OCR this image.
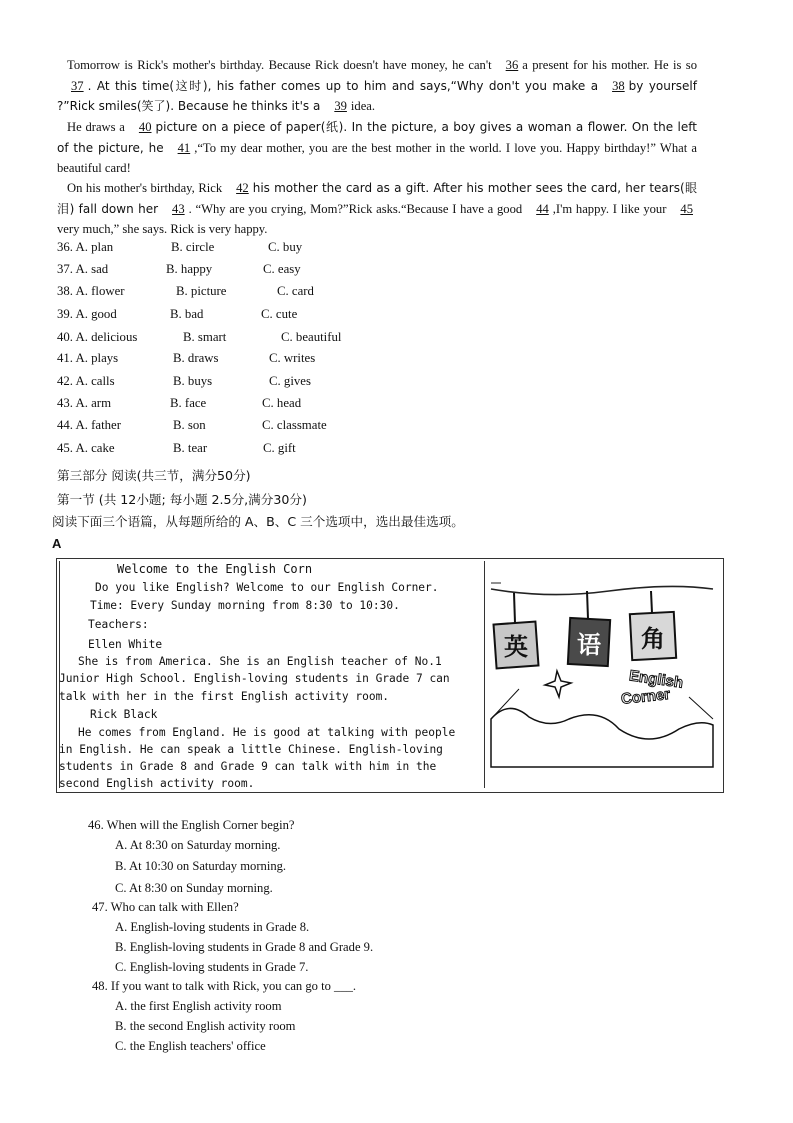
Tomorrow is Rick's mother's birthday. Because Rick doesn't have money, he can't 36 a present for his mother. He is so37 . At this time(这时), his father comes up to him and says,“Why don't you make a 38 by yourself ?”Rick smiles(笑了). Because he thinks it's a 39 idea.

He draws a 40 picture on a piece of paper(纸). In the picture, a boy gives a woman a flower. On the left of the picture, he 41 ,“To my dear mother, you are the best mother in the world. I love you. Happy birthday!” What a beautiful card!

On his mother's birthday, Rick 42 his mother the card as a gift. After his mother sees the card, her tears(眼泪) fall down her 43 . “Why are you crying, Mom?”Rick asks.“Because I have a good 44 ,I'm happy. I like your 45very much,” she says. Rick is very happy.

36. A. plan	B. circle	C. buy
37. A. sad	B. happy	C. easy
38. A. flower	B. picture	C. card
39. A. good	B. bad	C. cute
40. A. delicious	B. smart	C. beautiful
41. A. plays	B. draws	C. writes
42. A. calls	B. buys	C. gives
43. A. arm	B. face	C. head
44. A. father	B. son	C. classmate
45. A. cake	B. tear	C. gift
第三部分 阅读(共三节，满分50分)
第一节 (共 12小题; 每小题 2.5分,满分30分)
阅读下面三个语篇，从每题所给的 A、B、C 三个选项中，选出最佳选项。
A
Welcome to the English Corn
Do you like English? Welcome to our English Corner.
Time: Every Sunday morning from 8:30 to 10:30.
Teachers:
Ellen White
She is from America. She is an English teacher of No.1
Junior High School. English-loving students in Grade 7 can
talk with her in the first English activity room.
Rick Black
He comes from England. He is good at talking with people
in English. He can speak a little Chinese. English-loving
students in Grade 8 and Grade 9 can talk with him in the
second English activity room.
英 语 角
English
Corner
46. When will the English Corner begin?
A. At 8:30 on Saturday morning.
B. At 10:30 on Saturday morning.
C. At 8:30 on Sunday morning.
47. Who can talk with Ellen?
A. English-loving students in Grade 8.
B. English-loving students in Grade 8 and Grade 9.
C. English-loving students in Grade 7.
48. If you want to talk with Rick, you can go to ___.
A. the first English activity room
B. the second English activity room
C. the English teachers' office
